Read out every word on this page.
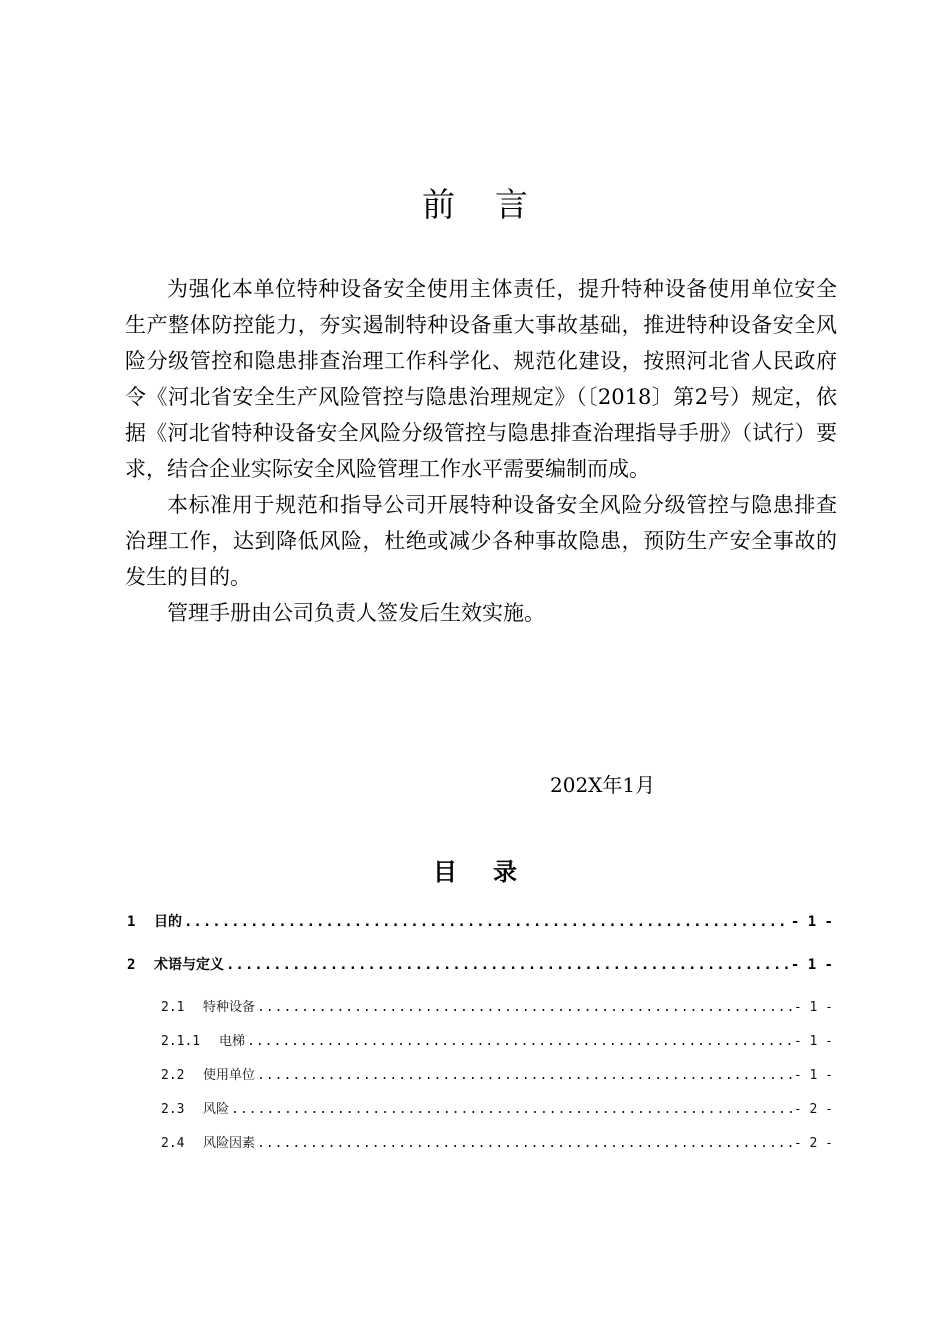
前言

为强化本单位特种设备安全使用主体责任，提升特种设备使用单位安全生产整体防控能力，夯实遏制特种设备重大事故基础，推进特种设备安全风险分级管控和隐患排查治理工作科学化、规范化建设，按照河北省人民政府令《河北省安全生产风险管控与隐患治理规定》（〔2018〕第2号）规定，依据《河北省特种设备安全风险分级管控与隐患排查治理指导手册》（试行）要求，结合企业实际安全风险管理工作水平需要编制而成。

本标准用于规范和指导公司开展特种设备安全风险分级管控与隐患排查治理工作，达到降低风险，杜绝或减少各种事故隐患，预防生产安全事故的发生的目的。

管理手册由公司负责人签发后生效实施。

202X年1月
目录
1	目的 .....	- 1 -
2	术语与定义 .....	- 1 -
2.1	特种设备 .....	- 1 -
2.1.1	电梯 .....	- 1 -
2.2	使用单位 .....	- 1 -
2.3	风险 .....	- 2 -
2.4	风险因素 .....	- 2 -
